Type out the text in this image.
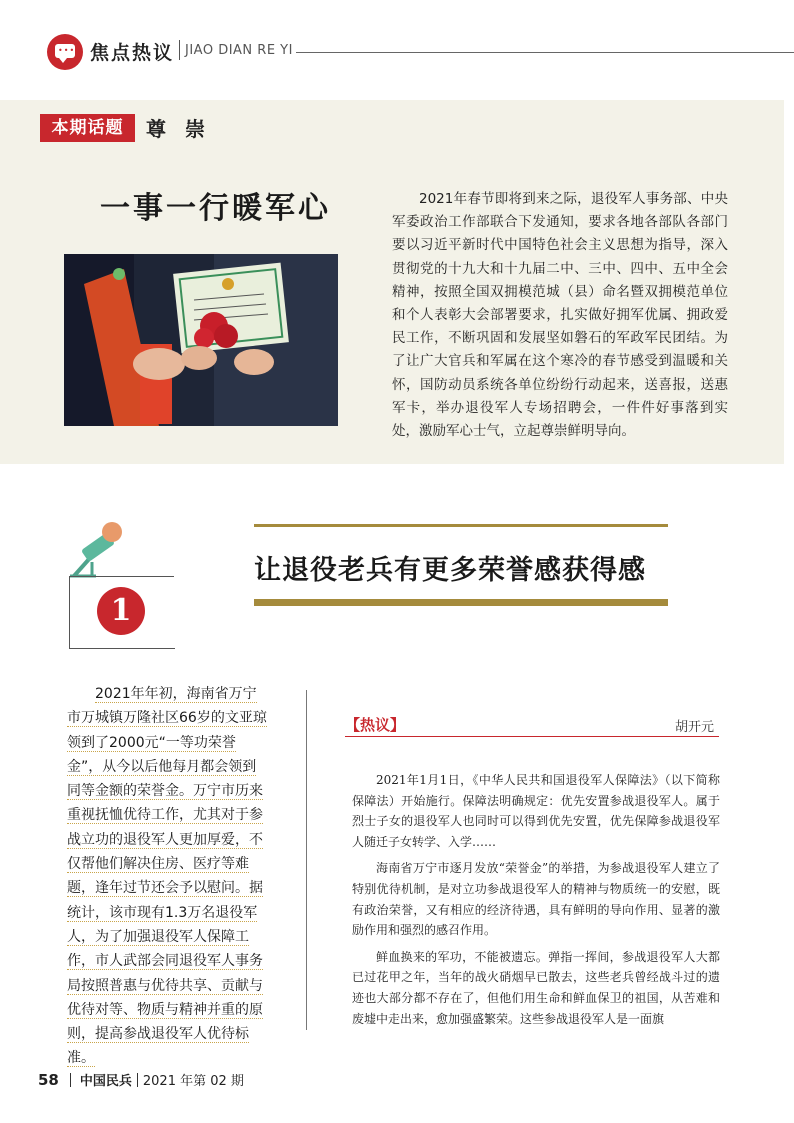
••• 焦点热议 JIAO DIAN RE YI
本期话题	尊 崇
一事一行暖军心	2021年春节即将到来之际，退役军人事务部、中央军委政治工作部联合下发通知，要求各地各部队各部门要以习近平新时代中国特色社会主义思想为指导，深入贯彻党的十九大和十九届二中、三中、四中、五中全会精神，按照全国双拥模范城（县）命名暨双拥模范单位和个人表彰大会部署要求，扎实做好拥军优属、拥政爱民工作，不断巩固和发展坚如磐石的军政军民团结。为了让广大官兵和军属在这个寒冷的春节感受到温暖和关怀，国防动员系统各单位纷纷行动起来，送喜报，送惠军卡，举办退役军人专场招聘会，一件件好事落到实处，激励军心士气，立起尊崇鲜明导向。
1
让退役老兵有更多荣誉感获得感

2021年年初，海南省万宁市万城镇万隆社区66岁的文亚琼领到了2000元“一等功荣誉金”，从今以后他每月都会领到同等金额的荣誉金。万宁市历来重视抚恤优待工作，尤其对于参战立功的退役军人更加厚爱，不仅帮他们解决住房、医疗等难题，逢年过节还会予以慰问。据统计，该市现有1.3万名退役军人，为了加强退役军人保障工作，市人武部会同退役军人事务局按照普惠与优待共享、贡献与优待对等、物质与精神并重的原则，提高参战退役军人优待标准。

【热议】	胡开元

2021年1月1日，《中华人民共和国退役军人保障法》（以下简称保障法）开始施行。保障法明确规定：优先安置参战退役军人。属于烈士子女的退役军人也同时可以得到优先安置，优先保障参战退役军人随迁子女转学、入学……

海南省万宁市逐月发放“荣誉金”的举措，为参战退役军人建立了特别优待机制，是对立功参战退役军人的精神与物质统一的安慰，既有政治荣誉，又有相应的经济待遇，具有鲜明的导向作用、显著的激励作用和强烈的感召作用。

鲜血换来的军功，不能被遗忘。弹指一挥间，参战退役军人大都已过花甲之年，当年的战火硝烟早已散去，这些老兵曾经战斗过的遗迹也大部分都不存在了，但他们用生命和鲜血保卫的祖国，从苦难和废墟中走出来，愈加强盛繁荣。这些参战退役军人是一面旗

58 中国民兵 2021 年第 02 期
